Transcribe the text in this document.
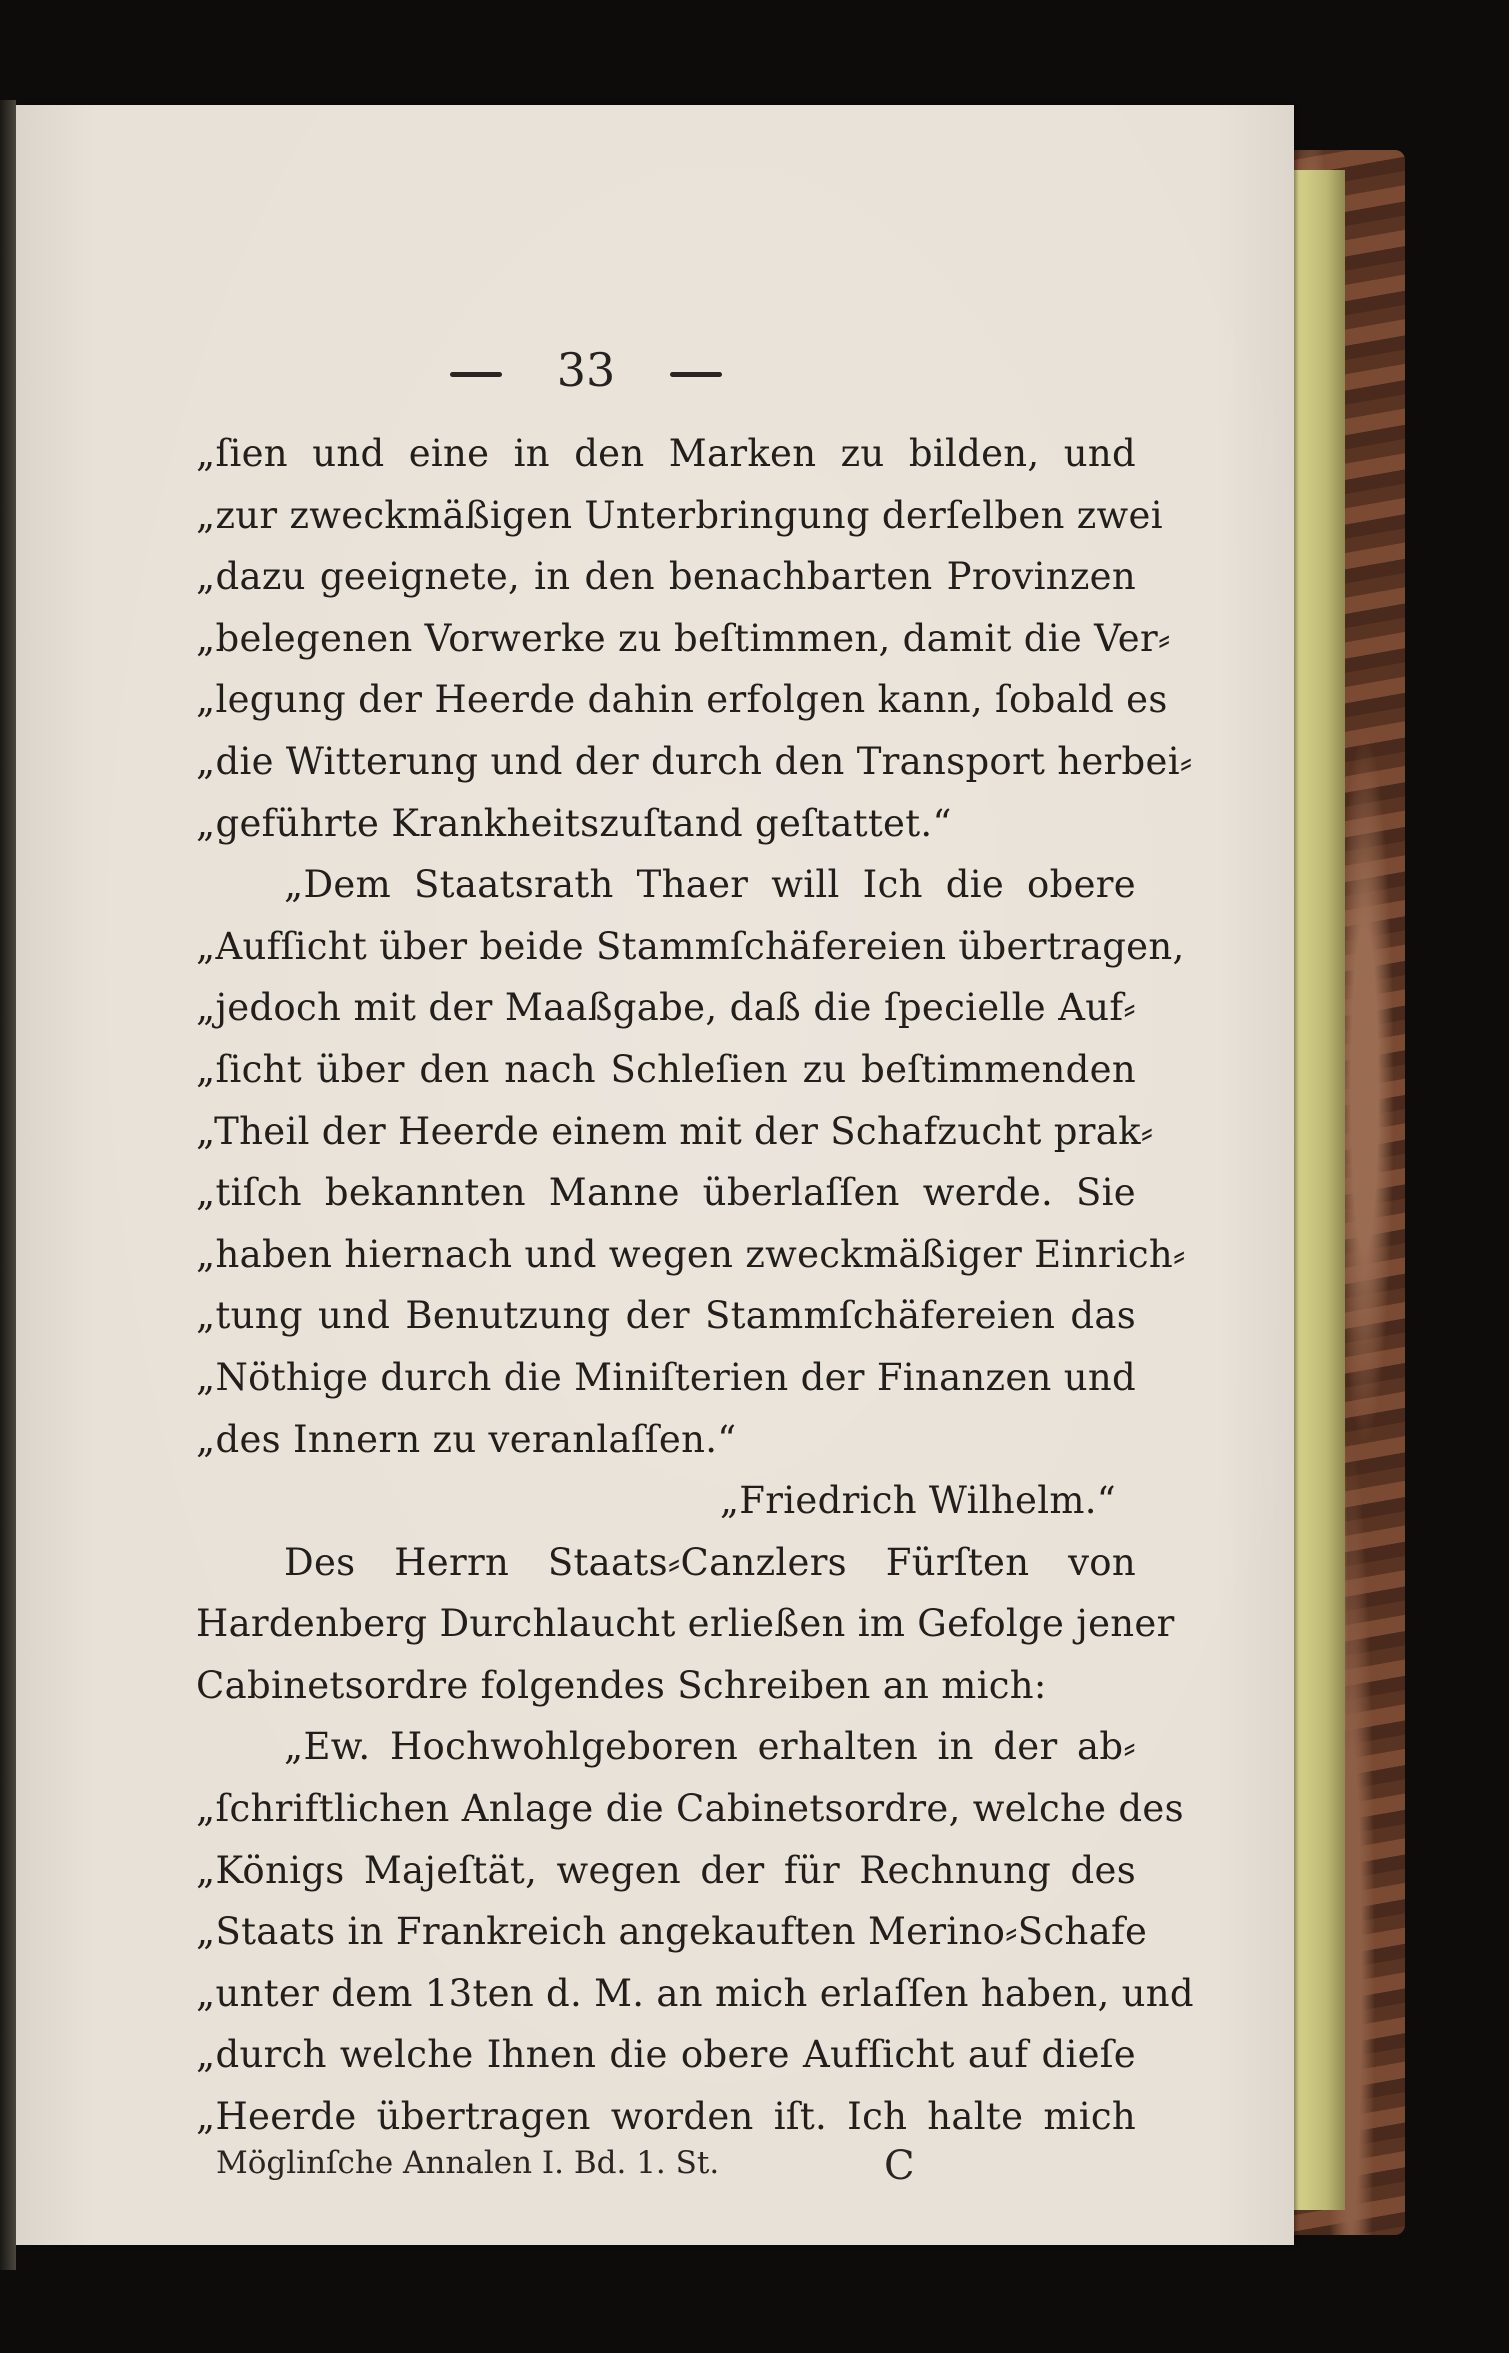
33
„ſien und eine in den Marken zu bilden, und
„zur zweckmäßigen Unterbringung derſelben zwei
„dazu geeignete, in den benachbarten Provinzen
„belegenen Vorwerke zu beſtimmen, damit die Ver⸗
„legung der Heerde dahin erfolgen kann, ſobald es
„die Witterung und der durch den Transport herbei⸗
„geführte Krankheitszuſtand geſtattet.“
„Dem Staatsrath Thaer will Ich die obere
„Aufſicht über beide Stammſchäfereien übertragen,
„jedoch mit der Maaßgabe, daß die ſpecielle Auf⸗
„ſicht über den nach Schleſien zu beſtimmenden
„Theil der Heerde einem mit der Schafzucht prak⸗
„tiſch bekannten Manne überlaſſen werde. Sie
„haben hiernach und wegen zweckmäßiger Einrich⸗
„tung und Benutzung der Stammſchäfereien das
„Nöthige durch die Miniſterien der Finanzen und
„des Innern zu veranlaſſen.“
„Friedrich Wilhelm.“
Des Herrn Staats⸗Canzlers Fürſten von
Hardenberg Durchlaucht erließen im Gefolge jener
Cabinetsordre folgendes Schreiben an mich:
„Ew. Hochwohlgeboren erhalten in der ab⸗
„ſchriftlichen Anlage die Cabinetsordre, welche des
„Königs Majeſtät, wegen der für Rechnung des
„Staats in Frankreich angekauften Merino⸗Schafe
„unter dem 13ten d. M. an mich erlaſſen haben, und
„durch welche Ihnen die obere Aufſicht auf dieſe
„Heerde übertragen worden iſt. Ich halte mich
Möglinſche Annalen I. Bd. 1. St.	C
